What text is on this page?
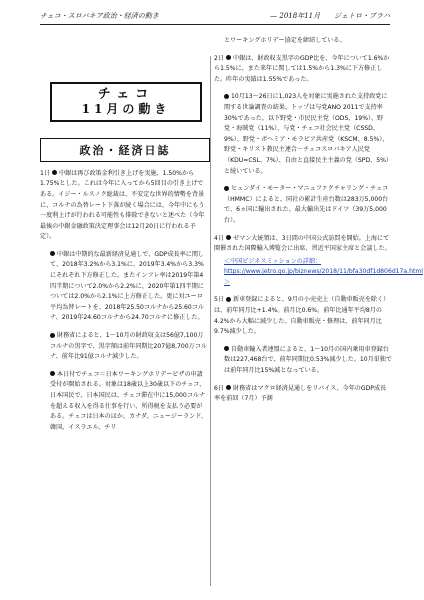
チェコ・スロバキア政治・経済の動き	— 2018年11月 ジェトロ・プラハ
チェコ
11月の動き
政治・経済日誌

1日 中銀は再び政策金利引き上げを実施、1.50%から1.75%とした。これは今年に入ってから5回目の引き上げである。イジー・ルスノク総裁は、不安定な世界的情勢を背景に、コルナの為替レート下落が続く場合には、今年中にもう一度利上げが行われる可能性も排除できないと述べた（今年最後の中銀金融政策決定理事会は12月20日に行われる予定）。

中銀は中期的な最新経済見通しで、GDP成長率に関して、2018年3.2%から3.1%に、2019年3.4%から3.3%にそれぞれ下方修正した。またインフレ率は2019年第4四半期について2.0%から2.2%に、2020年第1四半期については2.0%から2.1%に上方修正した。更に対ユーロ平均為替レートを、2018年25.50コルナから25.60コルナ、2019年24.60コルナから24.70コルナに修正した。

財務省によると、1～10月の財政収支は56億7,100万コルナの黒字で、黒字額は前年同期比207億8,700万コルナ、前年比91億コルナ減少した。

本日付でチェコ＝日本ワーキングホリデービザの申請受付が開始される。対象は18歳以上30歳以下のチェコ、日本国民で、日本国民は、チェコ滞在中に15,000コルナを超える収入を得る仕事を行い、所得税を支払う必要がある。チェコは日本のほか、カナダ、ニュージーランド、韓国、イスラエル、チリ

とワーキングホリデー協定を締結している。

2日 中銀は、財政収支黒字のGDP比を、今年について1.6%から1.5%に、また来年に関しては1.5%から1.3%に下方修正した。昨年の実績は1.55%であった。

10月13～26日に1,023人を対象に実施された支持政党に関する世論調査の結果、トップは与党ANO 2011で支持率30%であった。以下野党・市民民主党（ODS、19%）、野党・海賊党（11%）、与党・チェコ社会民主党（CSSD、9%）、野党・ボヘミア・モラビア共産党（KSCM、8.5%）、野党・キリスト教民主連合－チェコスロバキア人民党（KDU=CSL、7%）、自由と直接民主主義の党（SPD、5%）と続いている。

ヒュンダイ・モーター・マニュファクチャリング・チェコ（HMMC）によると、同社の累計生産台数は283万5,000台で、6ヵ国に輸出された。最大輸出先はドイツ（39万5,000台）。

4日 ゼマン大統領は、3日間の中国公式訪問を開始。上海にて開催された国際輸入博覧会に出席、習近平国家主席と会談した。

＜中国ビジネスミッションの詳細：https://www.jetro.go.jp/biznews/2018/11/bfa30df1d806d17a.html＞

5日 新車登録によると、9月の小売売上（自動車販売を除く）は、前年同月比+1.4%。前月比0.6%。前年比通年平均8月の4.2%から大幅に減少した。自動車販売・修理は、前年同月比9.7%減少した。

自動車輸入者連盟によると、1～10月の国内乗用車登録台数は227,468台で、前年同期比0.53%減少した。10月単独では前年同月比15%減となっている。

6日 財務省はマクロ経済見通しをリバイス、今年のGDP成長率を前回（7月）予測
